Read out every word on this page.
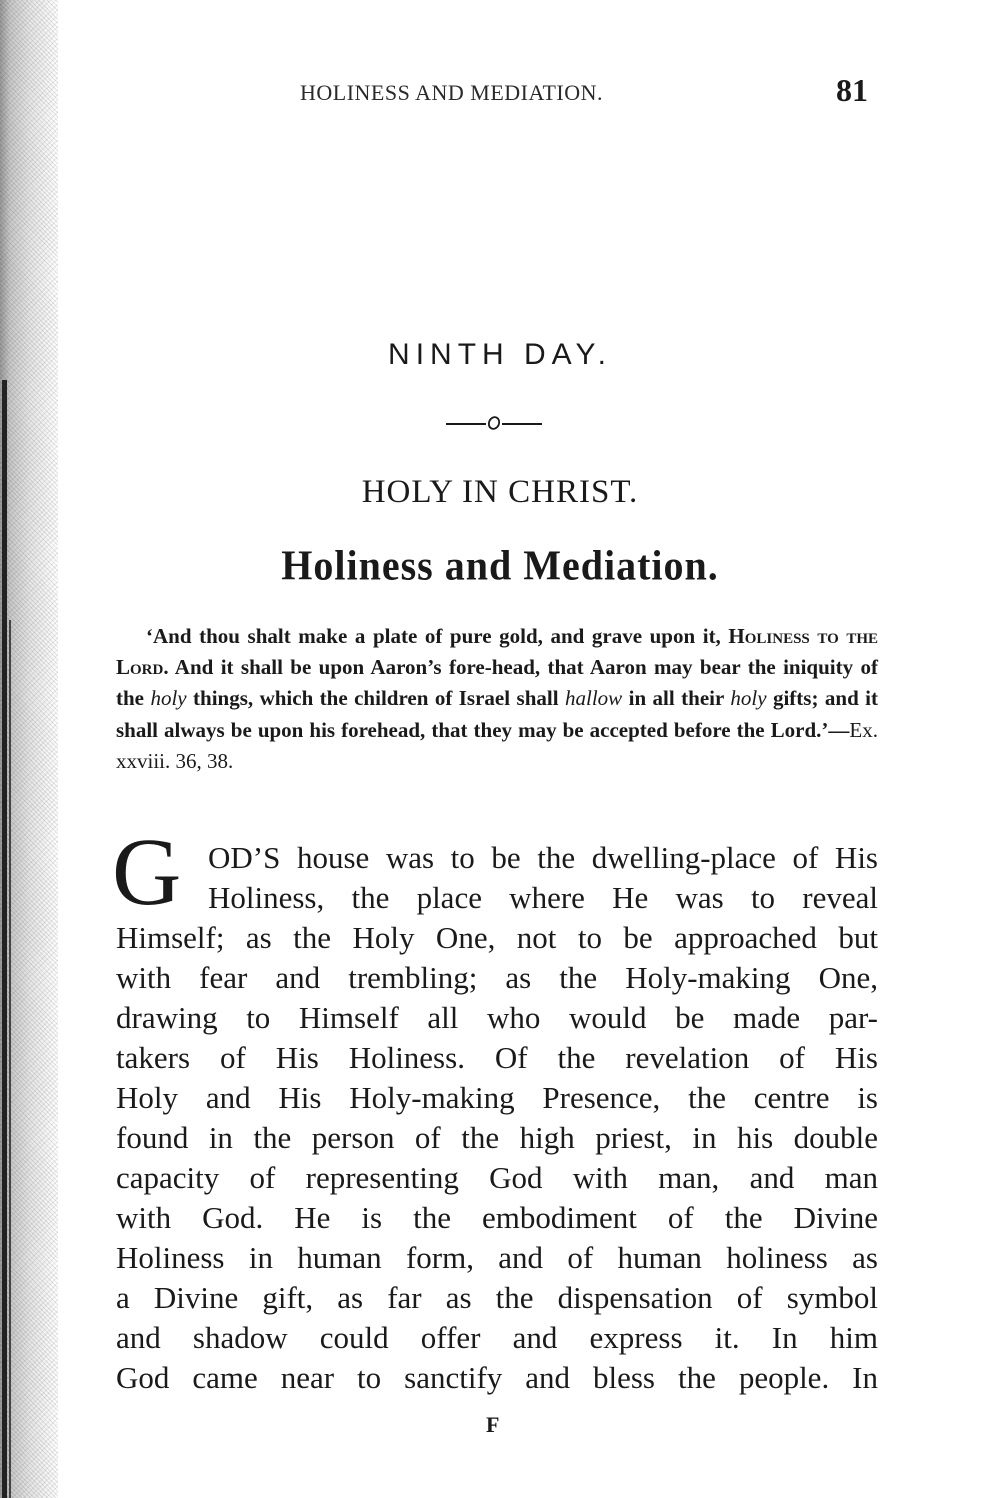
HOLINESS AND MEDIATION.	81
NINTH DAY.
HOLY IN CHRIST.
Holiness and Mediation.
‘And thou shalt make a plate of pure gold, and grave upon it, Holiness to the Lord. And it shall be upon Aaron’s fore-head, that Aaron may bear the iniquity of the holy things, which the children of Israel shall hallow in all their holy gifts; and it shall always be upon his forehead, that they may be accepted before the Lord.’—Ex. xxviii. 36, 38.
G OD’S house was to be the dwelling-place of His
Holiness, the place where He was to reveal
Himself; as the Holy One, not to be approached but
with fear and trembling; as the Holy-making One,
drawing to Himself all who would be made par-
takers of His Holiness. Of the revelation of His
Holy and His Holy-making Presence, the centre is
found in the person of the high priest, in his double
capacity of representing God with man, and man
with God. He is the embodiment of the Divine
Holiness in human form, and of human holiness as
a Divine gift, as far as the dispensation of symbol
and shadow could offer and express it. In him
God came near to sanctify and bless the people. In
F
